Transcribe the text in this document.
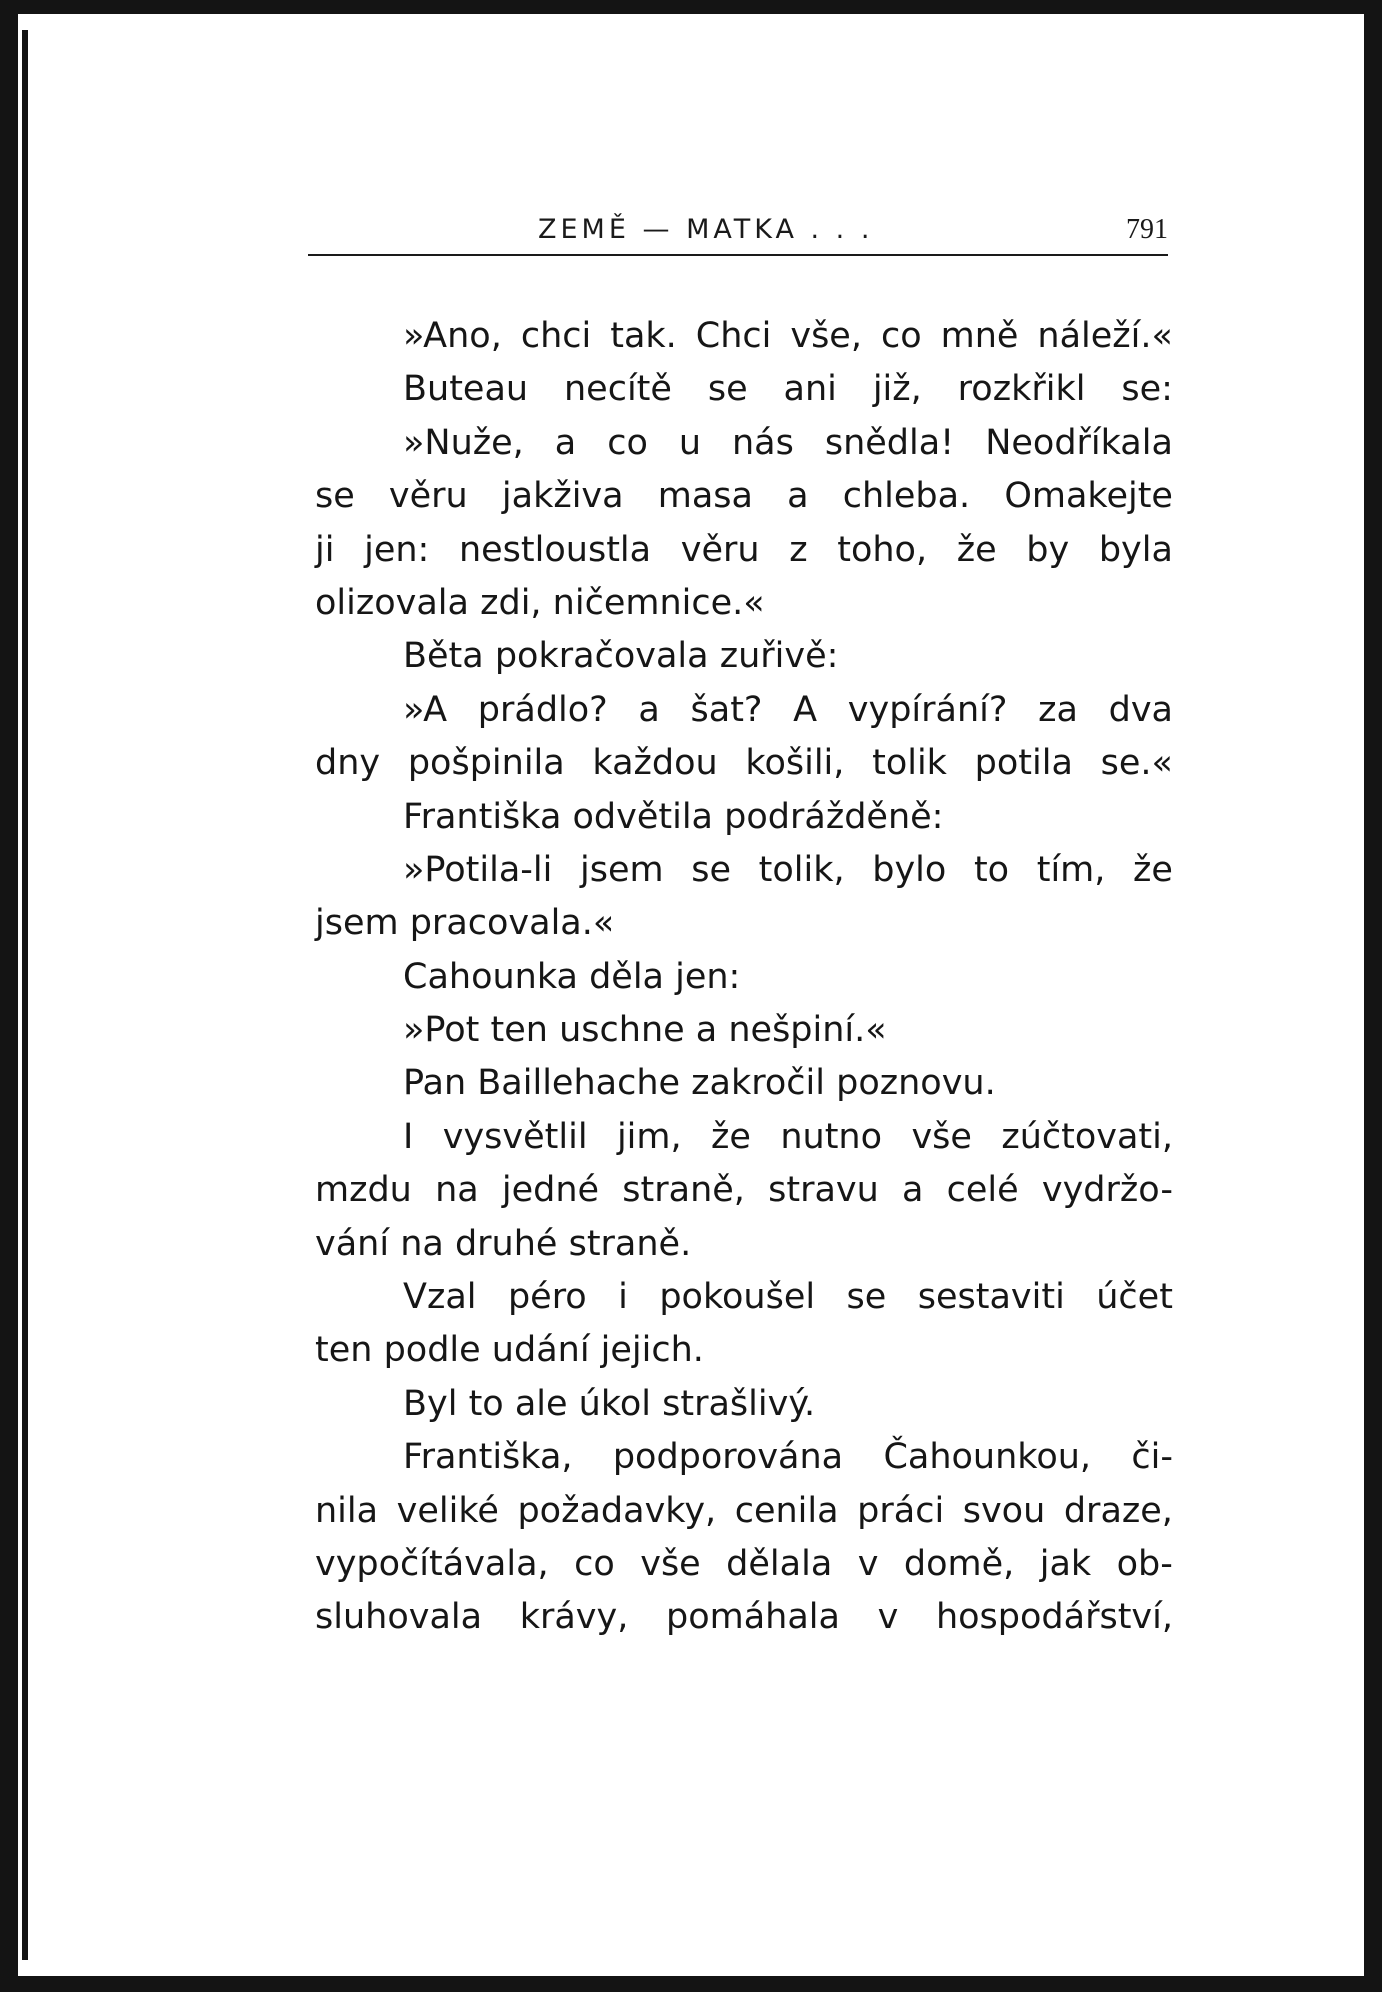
ZEMĚ — MATKA . . .	791
»Ano, chci tak. Chci vše, co mně náleží.«
Buteau necítě se ani již, rozkřikl se:
»Nuže, a co u nás snědla! Neodříkala
se věru jakživa masa a chleba. Omakejte
ji jen: nestloustla věru z toho, že by byla
olizovala zdi, ničemnice.«
Běta pokračovala zuřivě:
»A prádlo? a šat? A vypírání? za dva
dny pošpinila každou košili, tolik potila se.«
Františka odvětila podrážděně:
»Potila-li jsem se tolik, bylo to tím, že
jsem pracovala.«
Cahounka děla jen:
»Pot ten uschne a nešpiní.«
Pan Baillehache zakročil poznovu.
I vysvětlil jim, že nutno vše zúčtovati,
mzdu na jedné straně, stravu a celé vydržo-
vání na druhé straně.
Vzal péro i pokoušel se sestaviti účet
ten podle udání jejich.
Byl to ale úkol strašlivý.
Františka, podporována Čahounkou, či-
nila veliké požadavky, cenila práci svou draze,
vypočítávala, co vše dělala v domě, jak ob-
sluhovala krávy, pomáhala v hospodářství,
